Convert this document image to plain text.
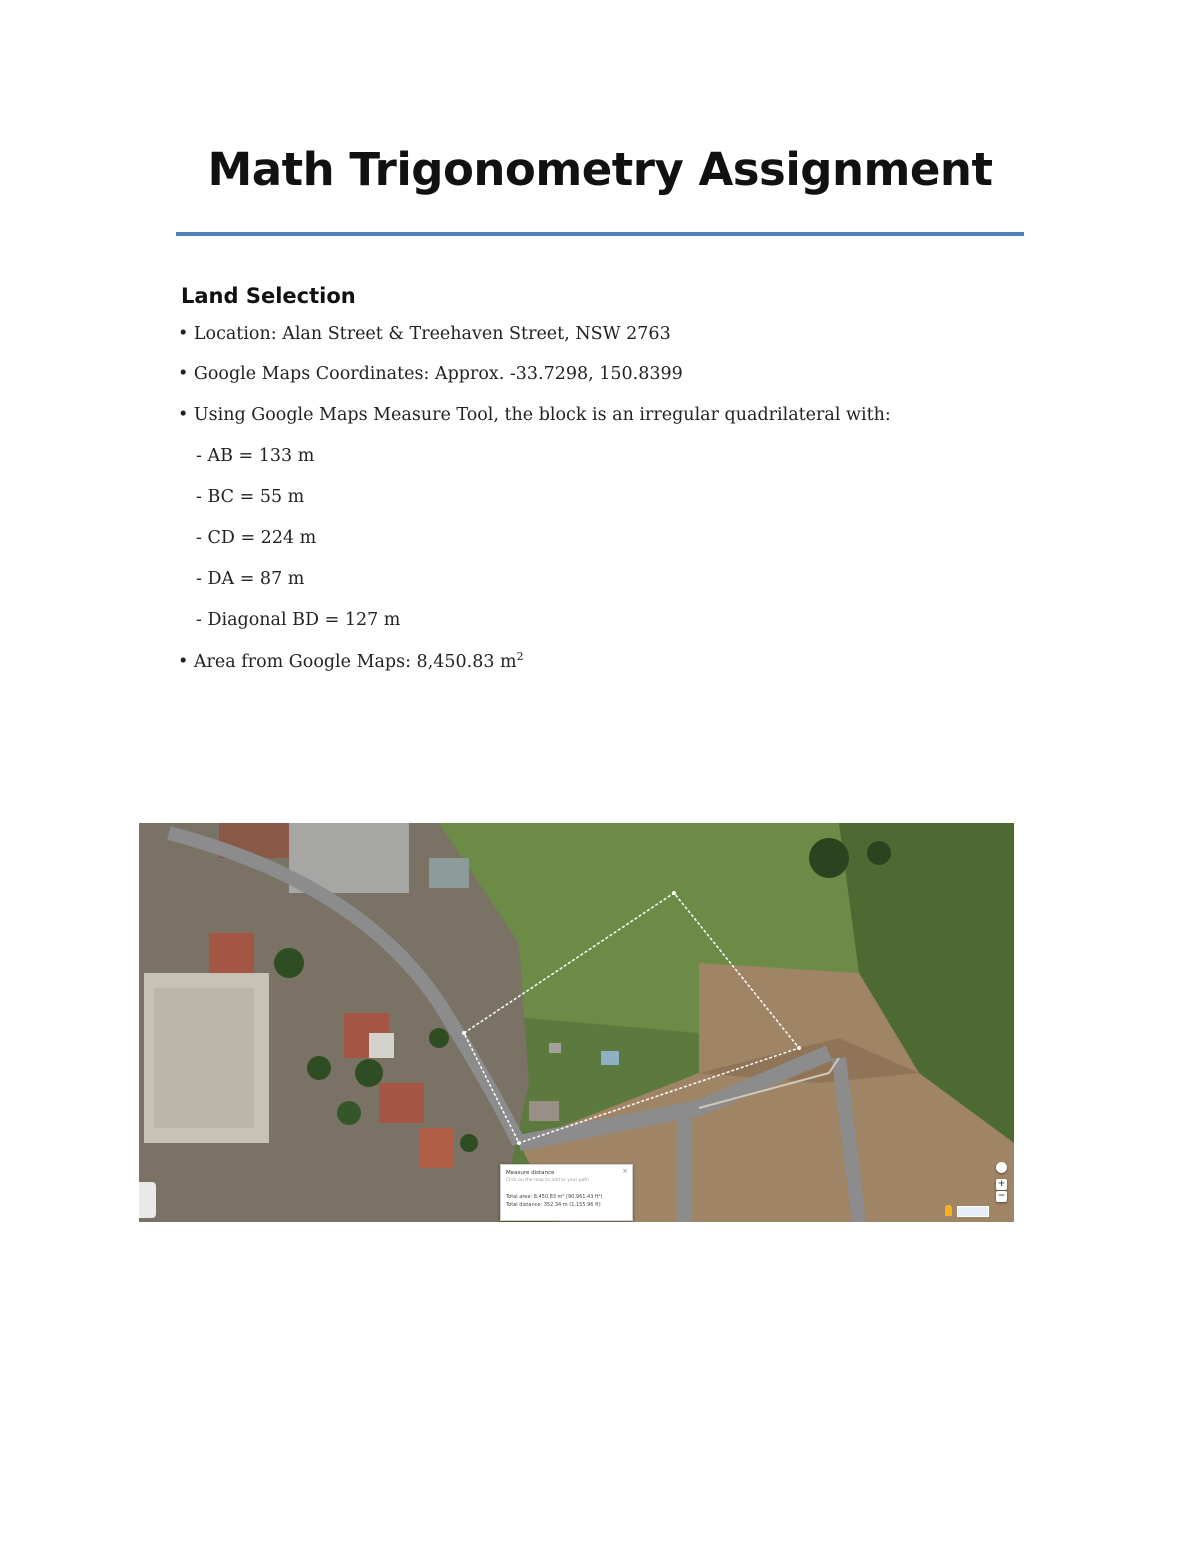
Math Trigonometry Assignment
Land Selection
• Location: Alan Street & Treehaven Street, NSW 2763
• Google Maps Coordinates: Approx. -33.7298, 150.8399
• Using Google Maps Measure Tool, the block is an irregular quadrilateral with:
- AB = 133 m
- BC = 55 m
- CD = 224 m
- DA = 87 m
- Diagonal BD = 127 m
• Area from Google Maps: 8,450.83 $m^2$
Measure distance
Click on the map to add to your path
Total area: 8,450.83 m² (90,961.43 ft²)
Total distance: 352.34 m (1,155.96 ft)
×
+
−
